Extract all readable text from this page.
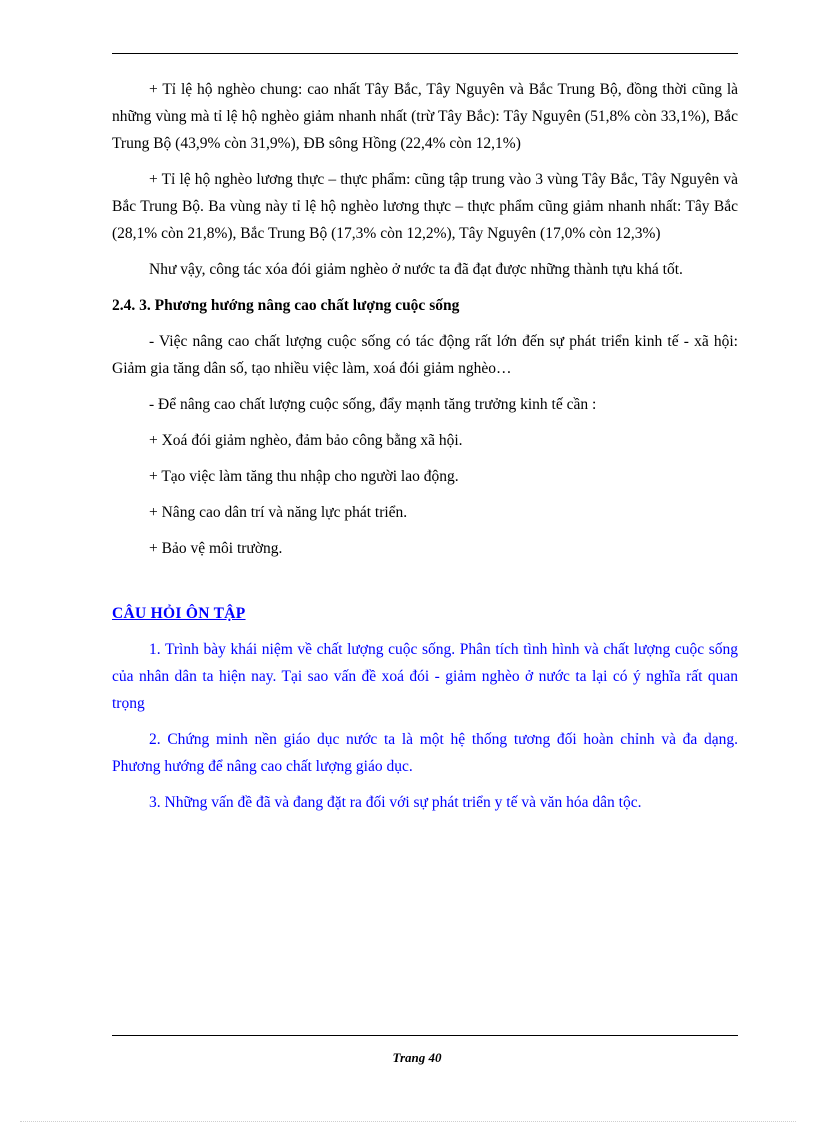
+ Tỉ lệ hộ nghèo chung: cao nhất Tây Bắc, Tây Nguyên và Bắc Trung Bộ, đồng thời cũng là những vùng mà tỉ lệ hộ nghèo giảm nhanh nhất (trừ Tây Bắc): Tây Nguyên (51,8% còn 33,1%), Bắc Trung Bộ (43,9% còn 31,9%), ĐB sông Hồng (22,4% còn 12,1%)

+ Tỉ lệ hộ nghèo lương thực – thực phẩm: cũng tập trung vào 3 vùng Tây Bắc, Tây Nguyên và Bắc Trung Bộ. Ba vùng này tỉ lệ hộ nghèo lương thực – thực phẩm cũng giảm nhanh nhất: Tây Bắc (28,1% còn 21,8%), Bắc Trung Bộ (17,3% còn 12,2%), Tây Nguyên (17,0% còn 12,3%)

Như vậy, công tác xóa đói giảm nghèo ở nước ta đã đạt được những thành tựu khá tốt.

2.4. 3. Phương hướng nâng cao chất lượng cuộc sống

- Việc nâng cao chất lượng cuộc sống có tác động rất lớn đến sự phát triển kinh tế - xã hội: Giảm gia tăng dân số, tạo nhiều việc làm, xoá đói giảm nghèo…

- Để nâng cao chất lượng cuộc sống, đẩy mạnh tăng trưởng kinh tế cần :

+ Xoá đói giảm nghèo, đảm bảo công bằng xã hội.

+ Tạo việc làm tăng thu nhập cho người lao động.

+ Nâng cao dân trí và năng lực phát triển.

+ Bảo vệ môi trường.

CÂU HỎI ÔN TẬP

1. Trình bày khái niệm về chất lượng cuộc sống. Phân tích tình hình và chất lượng cuộc sống của nhân dân ta hiện nay. Tại sao vấn đề xoá đói - giảm nghèo ở nước ta lại có ý nghĩa rất quan trọng

2. Chứng minh nền giáo dục nước ta là một hệ thống tương đối hoàn chỉnh và đa dạng. Phương hướng để nâng cao chất lượng giáo dục.

3. Những vấn đề đã và đang đặt ra đối với sự phát triển y tế và văn hóa dân tộc.

Trang 40
